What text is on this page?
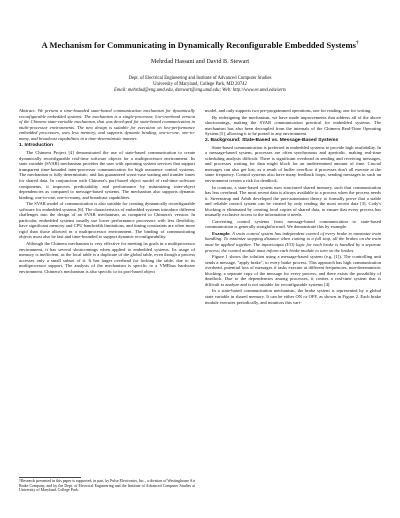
A Mechanism for Communicating in Dynamically Reconfigurable Embedded Systems†
Mehrdad Hassani and David B. Stewart
Dept. of Electrical Engineering and Institute of Advanced Computer Studies
University of Maryland, College Park, MD 20742
Email: mehrdad@eng.umd.edu, dstewart@eng.umd.edu; Web: http://www.ee.umd.edu/serts

Abstract: We present a time-bounded state-based communication mechanism for dynamically reconfigurable embedded systems. The mechanism is a single-processor, low-overhead version of the Chimera state-variable mechanism, that was developed for state-based communication in multi-processor environments. The new design is suitable for execution on low-performance embedded processors, uses less memory, and supports dynamic binding, one-to-one, one-to-many, and broadcast capabilities in a time-deterministic manner.

1. Introduction

The Chimera Project [4] demonstrated the use of state-based communication to create dynamically reconfigurable real-time software objects for a multiprocessor environment. Its state variable (SVAR) mechanism provides the user with operating system services that support transparent time-bounded inter-processor communication for high assurance control systems. The mechanism is fully deterministic, and has guaranteed worst-case waiting and transfer times for shared data. In conjunction with Chimera's port-based object model of real-time software components, it improves predictability and performance by minimizing inter-object dependencies as compared to message-based systems. The mechanism also supports dynamic binding, one-to-one, one-to-many, and broadcast capabilities.

The SVAR model of communication is also suitable for creating dynamically reconfigurable software for embedded systems [6]. The characteristics of embedded systems introduce different challenges into the design of an SVAR mechanism, as compared to Chimera's version. In particular, embedded systems usually use lower performance processors with less flexibility, have significant memory and CPU bandwidth limitations, and timing constraints are often more rigid than those allowed in a multiprocessor environment. The binding of communicating objects must also be fast and time-bounded to support dynamic reconfigurability.

Although the Chimera mechanism is very effective for meeting its goals in a multiprocessor environment, it has several shortcomings when applied to embedded systems. Its usage of memory is inefficient, as the local table is a duplicate of the global table, even though a process accesses only a small subset of it. It has larger overhead for locking the table, due to its multiprocessor support. The analysis of the mechanism is specific to a VMEbus hardware environment. Chimera's mechanism is also specific to its port-based object

†Research presented in this paper is supported, in part, by Pulse Electronics, Inc., a division of Westinghouse Air Brake Company, and by the Dept. of Electrical Engineering and the Institute of Advanced Computer Studies at University of Maryland, College Park.

model, and only supports two pre-programmed operations, one for reading, one for writing.

By redesigning the mechanism, we have made improvements that address all of the above shortcomings, making the SVAR communication practical for embedded systems. The mechanism has also been decoupled from the internals of the Chimera Real-Time Operating System [5], allowing it to be ported to any environment.

2. Background: State-Based vs. Message-Based Systems

State-based communication is preferred in embedded systems to provide high availability. In a message-based system, processes are often synchronous and aperiodic, making real-time scheduling analysis difficult. There is significant overhead in sending and receiving messages, and processes waiting for data might block for an undetermined amount of time. Crucial messages can also get lost, as a result of buffer overflow if processes don't all execute at the same frequency. Control systems also have many feedback loops; sending messages in such an environment creates a risk for deadlock.

In contrast, a state-based system uses structured shared memory, such that communication has less overhead. The most recent data is always available to a process when the process needs it. Streenstrup and Arbib developed the port-automaton theory to formally prove that a stable and reliable control system can be created by only reading the most recent data [3]. Cody's blocking is eliminated by creating local copies of shared data, to ensure that every process has mutually exclusive access to the information it needs.

Converting control systems from message-based communication to state-based communication is generally straightforward. We demonstrate this by example.

Example: A train control system has independent control of every brake to maximize train handling. To minimize stopping distance when coming to a full stop, all the brakes on the train must be applied together. The input/output (I/O) logic for each brake is handled by a separate process; the control module must inform each brake module to turn on the brakes.

Figure 1 shows the solution using a message-based system (e.g. [1]). The controlling unit sends a message, "apply brake", to every brake process. This approach has high communication overhead, potential loss of messages if tasks execute at different frequencies, non-deterministic blocking, a separate copy of the message for every process, and there exists the possibility of deadlock. Due to the dependencies among processes, it creates a real-time system that is difficult to analyze and is not suitable for reconfigurable systems [4].

In a state-based communication mechanism, the brake system is represented by a global state variable in shared memory. It can be either ON or OFF, as shown in Figure 2. Each brake module executes periodically, and monitors this vari-
